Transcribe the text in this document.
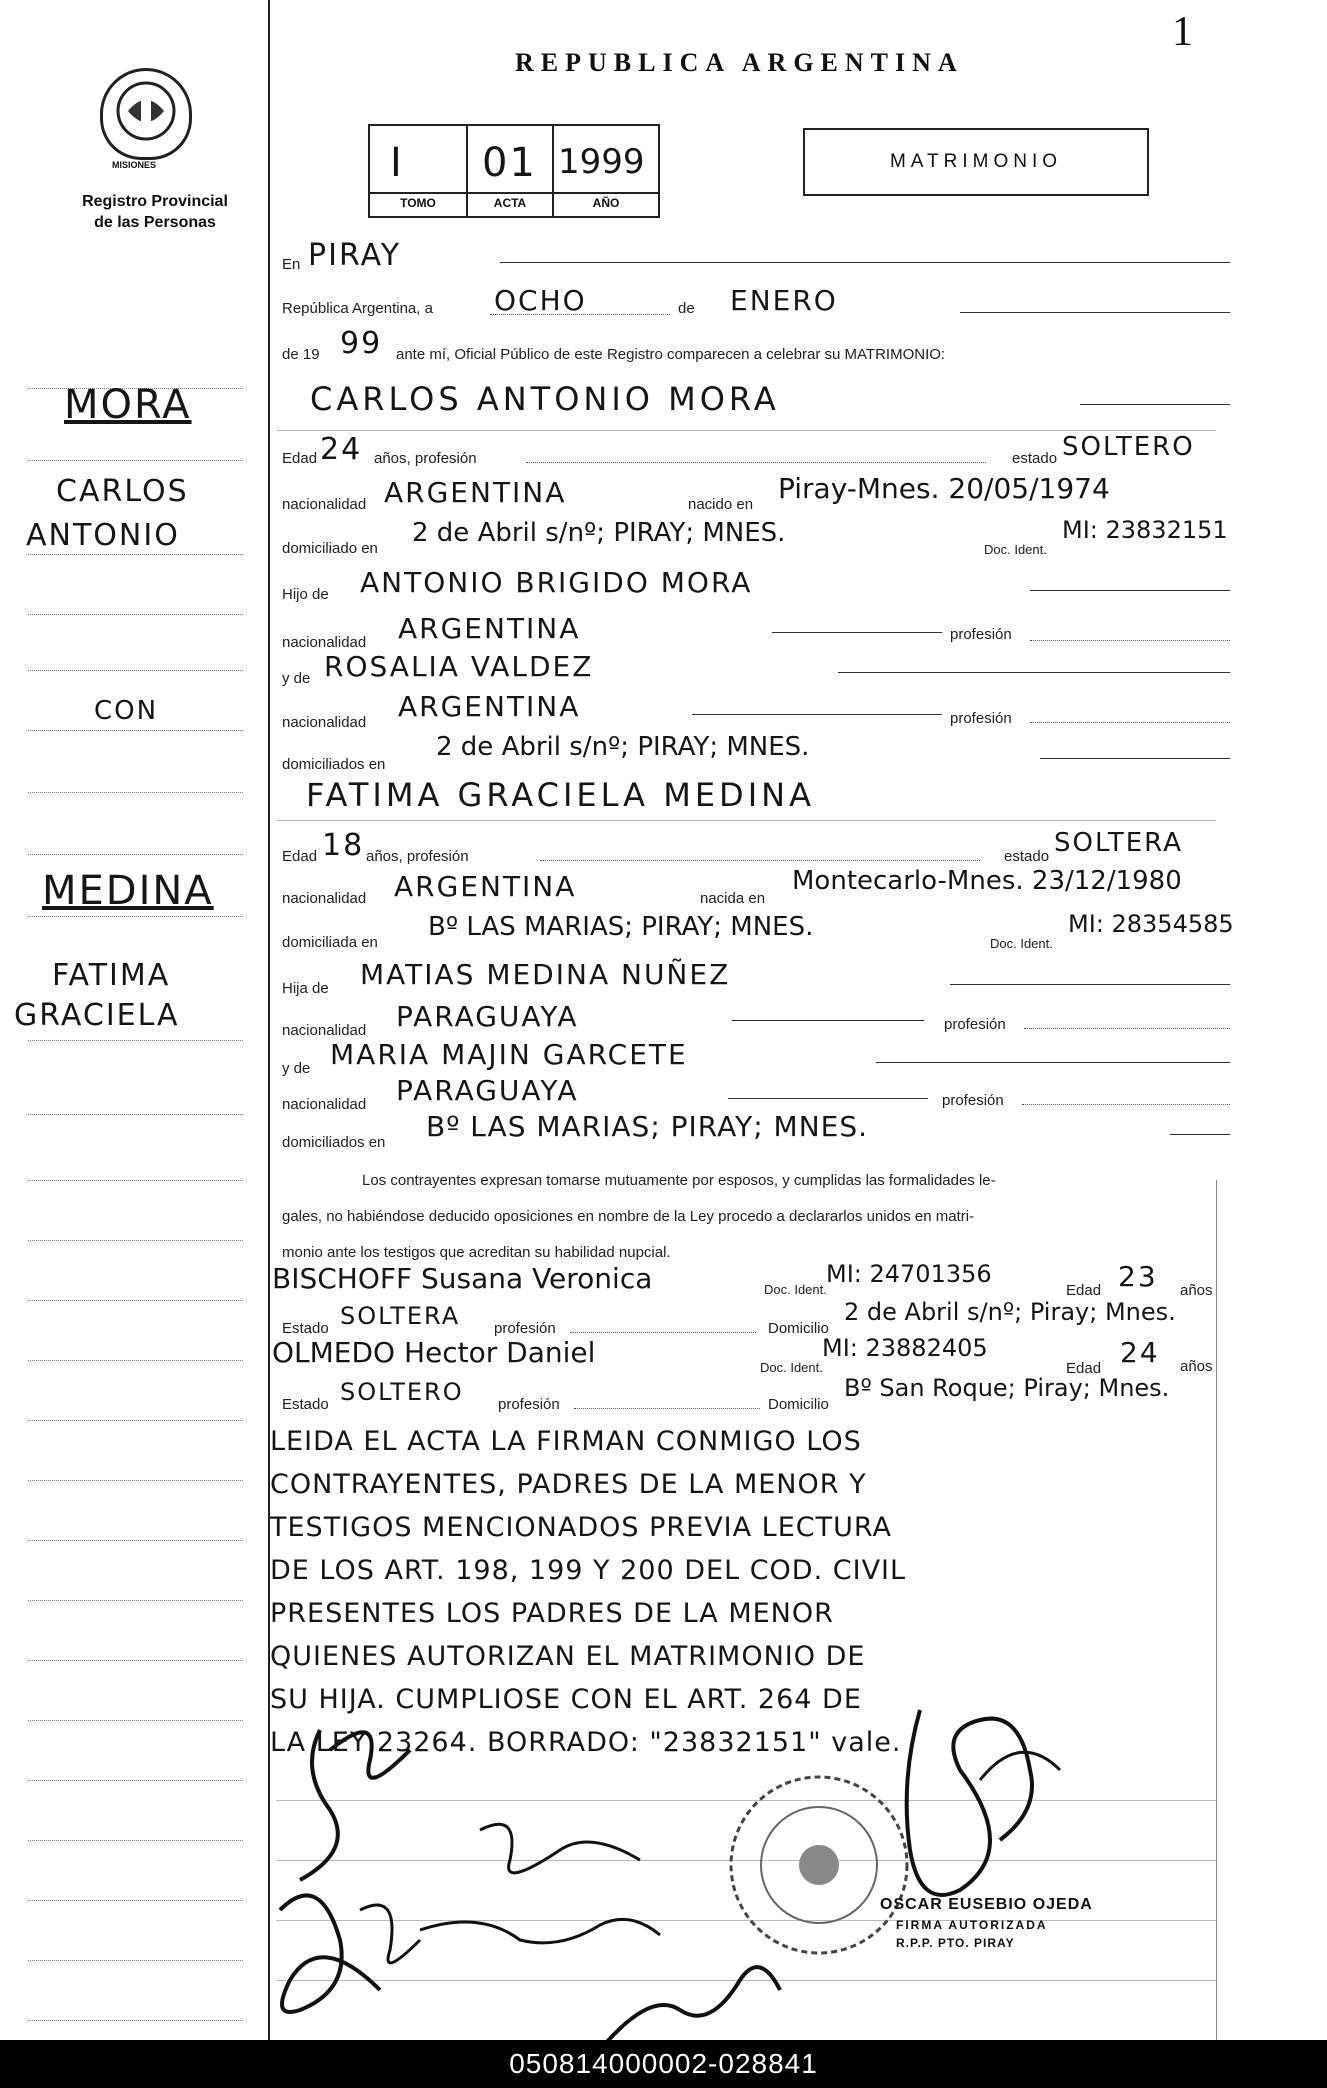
1
MISIONES
Registro Provincial
de las Personas
REPUBLICA ARGENTINA
I 01 1999
TOMO	ACTA	AÑO
MATRIMONIO
MORA
CARLOS
ANTONIO
CON
MEDINA
FATIMA
GRACIELA
En PIRAY
República Argentina, a OCHO	de ENERO
de 19 99 ante mí, Oficial Público de este Registro comparecen a celebrar su MATRIMONIO:
CARLOS ANTONIO MORA
Edad 24 años, profesión	estado SOLTERO
nacionalidad ARGENTINA	nacido en Piray-Mnes. 20/05/1974
domiciliado en
2 de Abril s/nº; PIRAY; MNES.
Doc. Ident.
MI: 23832151
Hijo de ANTONIO BRIGIDO MORA
nacionalidad ARGENTINA	profesión
y de ROSALIA VALDEZ
nacionalidad ARGENTINA	profesión
domiciliados en
2 de Abril s/nº; PIRAY; MNES.
FATIMA GRACIELA MEDINA
Edad 18 años, profesión	estado SOLTERA
nacionalidad ARGENTINA	nacida en
Montecarlo-Mnes. 23/12/1980
domiciliada en
Bº LAS MARIAS; PIRAY; MNES.
Doc. Ident.
MI: 28354585
Hija de MATIAS MEDINA NUÑEZ
nacionalidad PARAGUAYA	profesión
y de MARIA MAJIN GARCETE
nacionalidad PARAGUAYA	profesión
domiciliados en Bº LAS MARIAS; PIRAY; MNES.
Los contrayentes expresan tomarse mutuamente por esposos, y cumplidas las formalidades le-
gales, no habiéndose deducido oposiciones en nombre de la Ley procedo a declararlos unidos en matri-
monio ante los testigos que acreditan su habilidad nupcial.
BISCHOFF Susana Veronica	Doc. Ident.
MI: 24701356
Edad 23 años
Estado SOLTERA profesión	Domicilio
2 de Abril s/nº; Piray; Mnes.
OLMEDO Hector Daniel	Doc. Ident.
MI: 23882405
Edad 24 años
Estado SOLTERO profesión	Domicilio
Bº San Roque; Piray; Mnes.
LEIDA EL ACTA LA FIRMAN CONMIGO LOS
CONTRAYENTES, PADRES DE LA MENOR Y
TESTIGOS MENCIONADOS PREVIA LECTURA
DE LOS ART. 198, 199 Y 200 DEL COD. CIVIL
PRESENTES LOS PADRES DE LA MENOR
QUIENES AUTORIZAN EL MATRIMONIO DE
SU HIJA. CUMPLIOSE CON EL ART. 264 DE
LA LEY 23264. BORRADO: "23832151" vale.
OSCAR EUSEBIO OJEDA
FIRMA AUTORIZADA
R.P.P. PTO. PIRAY
050814000002-028841
